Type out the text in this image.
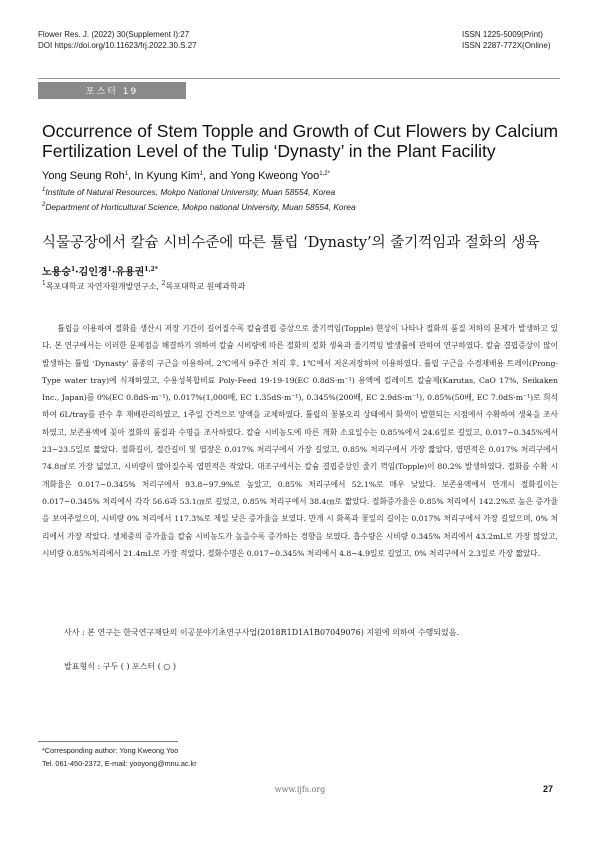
Flower Res. J. (2022) 30(Supplement I):27
DOI https://doi.org/10.11623/frj.2022.30.S.27
ISSN 1225-5009(Print)
ISSN 2287-772X(Online)
포스터 19
Occurrence of Stem Topple and Growth of Cut Flowers by Calcium
Fertilization Level of the Tulip ‘Dynasty’ in the Plant Facility
Yong Seung Roh$^1$, In Kyung Kim$^1$, and Yong Kweong Yoo$^{1,2*}$
$^1$Institute of Natural Resources, Mokpo National University, Muan 58554, Korea
$^2$Department of Horticultural Science, Mokpo national University, Muan 58554, Korea
식물공장에서 칼슘 시비수준에 따른 튤립 ‘Dynasty’의 줄기꺽임과 절화의 생육
노용승$^1$·김인경$^1$·유용권$^{1,2*}$
$^1$목포대학교 자연자원개발연구소, $^2$목포대학교 원예과학과
튤립을 이용하여 절화를 생산시 저장 기간이 길어질수록 칼슘결핍 증상으로 줄기꺽임(Topple) 현상이 나타나 절화의 품질 저하의 문제가 발생하고 있다. 본 연구에서는 이러한 문제점을 해결하기 위하여 칼슘 시비량에 따른 절화의 절화 생육과 줄기꺽임 발생률에 관하여 연구하였다. 칼슘 결핍증상이 많이 발생하는 튤립 ‘Dynasty’ 품종의 구근을 이용하여, 2℃에서 9주간 처리 후, 1℃에서 저온저장하여 이용하였다. 튤립 구근을 수경재배용 트레이(Prong- Type water tray)에 식재하였고, 수용성복합비료 Poly-Feed 19-19-19(EC 0.8dS·m⁻¹) 용액에 킬레이트 칼슘제(Karutas, CaO 17%, Seikaken Inc., Japan)를 0%(EC 0.8dS·m⁻¹), 0.017%(1,000배, EC 1.35dS·m⁻¹), 0.345%(200배, EC 2.9dS·m⁻¹), 0.85%(50배, EC 7.0dS·m⁻¹)로 희석하여 6L/tray를 관수 후 재배관리하였고, 1주일 간격으로 양액을 교체하였다. 튤립의 꽃봉오리 상태에서 화색이 발현되는 시점에서 수확하여 생육을 조사하였고, 보존용액에 꽂아 절화의 품질과 수명을 조사하였다. 칼슘 시비농도에 따른 개화 소요일수는 0.85%에서 24.6일로 길었고, 0.017~0.345%에서 23~23.5일로 짧았다. 절화길이, 절간길이 및 엽장은 0.017% 처리구에서 가장 길었고, 0.85% 처리구에서 가장 짧았다. 엽면적은 0.017% 처리구에서 74.8㎠로 가장 넓었고, 시비량이 많아질수록 엽면적은 작았다. 대조구에서는 칼슘 결핍증상인 줄기 꺽임(Topple)이 80.2% 발생하였다. 절화를 수확 시 개화율은 0.017~0.345% 처리구에서 93.8~97.9%로 높았고, 0.85% 처리구에서 52.1%로 매우 낮았다. 보존용액에서 만개시 절화길이는 0.017~0.345% 처리에서 각각 56.6과 53.1㎝로 길었고, 0.85% 처리구에서 38.4㎝로 짧았다. 절화증가율은 0.85% 처리에서 142.2%로 높은 증가율을 보여주었으며, 시비량 0% 처리에서 117.3%로 제일 낮은 증가율을 보였다. 만개 시 화폭과 꽃잎의 길이는 0.017% 처리구에서 가장 길었으며, 0% 처리에서 가장 작았다. 생체중의 증가율을 칼슘 시비농도가 높을수록 증가하는 경향을 보였다. 흡수량은 시비량 0.345% 처리에서 43.2mL로 가장 많았고, 시비량 0.85%처리에서 21.4mL로 가장 적었다. 절화수명은 0.017~0.345% 처리에서 4.8~4.9일로 길었고, 0% 처리구에서 2.3일로 가장 짧았다.
사사 : 본 연구는 한국연구재단의 이공분야기초연구사업(2018R1D1A1B07049076) 지원에 의하여 수행되었음.
발표형식 : 구두 ( ) 포스터 ( ○ )
*Corresponding author: Yong Kweong Yoo
Tel. 061-450-2372, E-mail: yooyong@mnu.ac.kr
www.ijfs.org	27
